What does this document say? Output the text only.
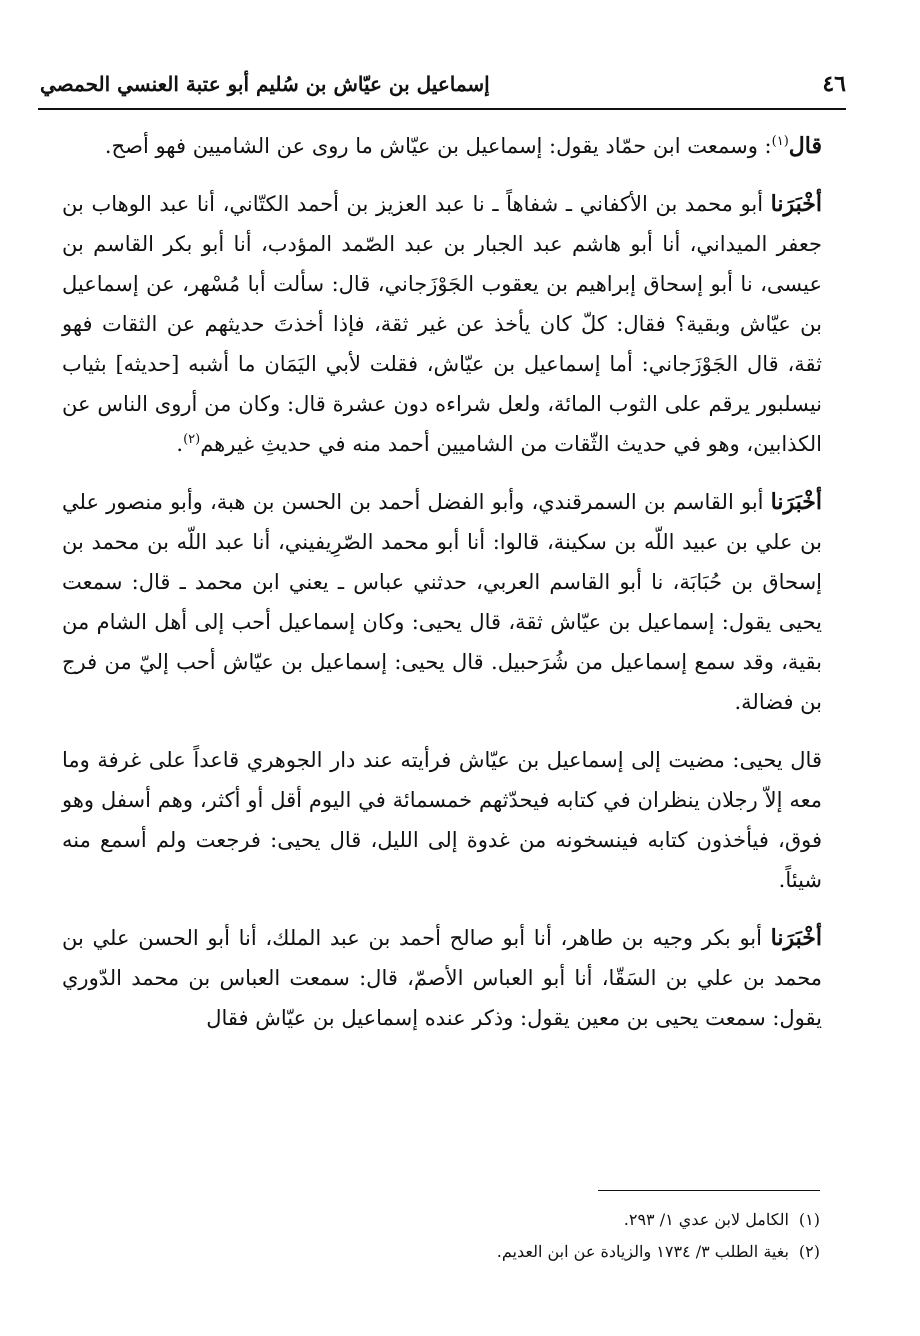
٤٦
إسماعيل بن عيّاش بن سُليم أبو عتبة العنسي الحمصي

قال$^{(١)}$: وسمعت ابن حمّاد يقول: إسماعيل بن عيّاش ما روى عن الشاميين فهو أصح.

أخْبَرَنا أبو محمد بن الأكفاني ـ شفاهاً ـ نا عبد العزيز بن أحمد الكتّاني، أنا عبد الوهاب بن جعفر الميداني، أنا أبو هاشم عبد الجبار بن عبد الصّمد المؤدب، أنا أبو بكر القاسم بن عيسى، نا أبو إسحاق إبراهيم بن يعقوب الجَوْزَجاني، قال: سألت أبا مُسْهر، عن إسماعيل بن عيّاش وبقية؟ فقال: كلّ كان يأخذ عن غير ثقة، فإذا أخذتَ حديثهم عن الثقات فهو ثقة، قال الجَوْزَجاني: أما إسماعيل بن عيّاش، فقلت لأبي اليَمَان ما أشبه [حديثه] بثياب نيسلبور يرقم على الثوب المائة، ولعل شراءه دون عشرة قال: وكان من أروى الناس عن الكذابين، وهو في حديث الثّقات من الشاميين أحمد منه في حديثِ غيرهم$^{(٢)}$.

أخْبَرَنا أبو القاسم بن السمرقندي، وأبو الفضل أحمد بن الحسن بن هبة، وأبو منصور علي بن علي بن عبيد اللّه بن سكينة، قالوا: أنا أبو محمد الصّرِيفيني، أنا عبد اللّه بن محمد بن إسحاق بن حُبَابَة، نا أبو القاسم العربي، حدثني عباس ـ يعني ابن محمد ـ قال: سمعت يحيى يقول: إسماعيل بن عيّاش ثقة، قال يحيى: وكان إسماعيل أحب إلى أهل الشام من بقية، وقد سمع إسماعيل من شُرَحبيل. قال يحيى: إسماعيل بن عيّاش أحب إليّ من فرج بن فضالة.

قال يحيى: مضيت إلى إسماعيل بن عيّاش فرأيته عند دار الجوهري قاعداً على غرفة وما معه إلاّ رجلان ينظران في كتابه فيحدّثهم خمسمائة في اليوم أقل أو أكثر، وهم أسفل وهو فوق، فيأخذون كتابه فينسخونه من غدوة إلى الليل، قال يحيى: فرجعت ولم أسمع منه شيئاً.

أخْبَرَنا أبو بكر وجيه بن طاهر، أنا أبو صالح أحمد بن عبد الملك، أنا أبو الحسن علي بن محمد بن علي بن السَقّا، أنا أبو العباس الأصمّ، قال: سمعت العباس بن محمد الدّوري يقول: سمعت يحيى بن معين يقول: وذكر عنده إسماعيل بن عيّاش فقال

(١)الكامل لابن عدي ١/ ٢٩٣.
(٢)بغية الطلب ٣/ ١٧٣٤ والزيادة عن ابن العديم.
